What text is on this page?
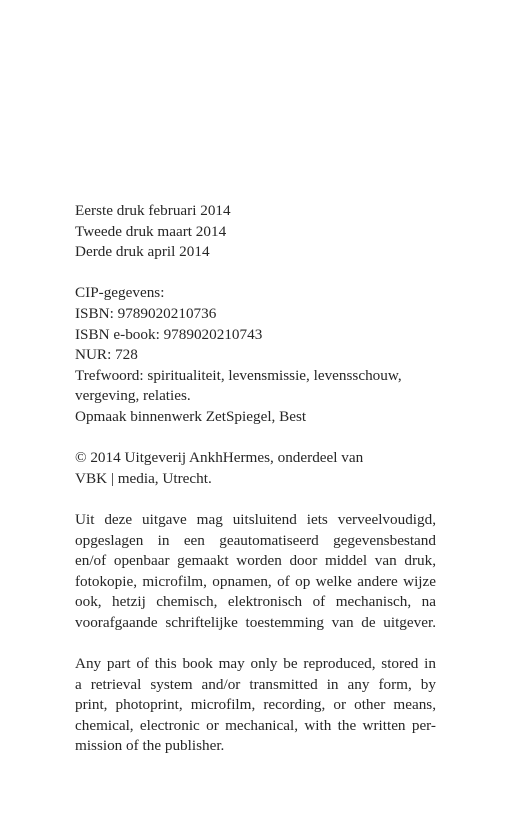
Eerste druk februari 2014
Tweede druk maart 2014
Derde druk april 2014
CIP-gegevens:
ISBN: 9789020210736
ISBN e-book: 9789020210743
NUR: 728
Trefwoord: spiritualiteit, levensmissie, levensschouw,
vergeving, relaties.
Opmaak binnenwerk ZetSpiegel, Best
© 2014 Uitgeverij AnkhHermes, onderdeel van
VBK | media, Utrecht.
Uit deze uitgave mag uitsluitend iets verveelvoudigd,
opgeslagen in een geautomatiseerd gegevensbestand
en/of openbaar gemaakt worden door middel van druk,
fotokopie, microfilm, opnamen, of op welke andere wijze
ook, hetzij chemisch, elektronisch of mechanisch, na
voorafgaande schriftelijke toestemming van de uitgever.
Any part of this book may only be reproduced, stored in
a retrieval system and/or transmitted in any form, by
print, photoprint, microfilm, recording, or other means,
chemical, electronic or mechanical, with the written per-
mission of the publisher.
